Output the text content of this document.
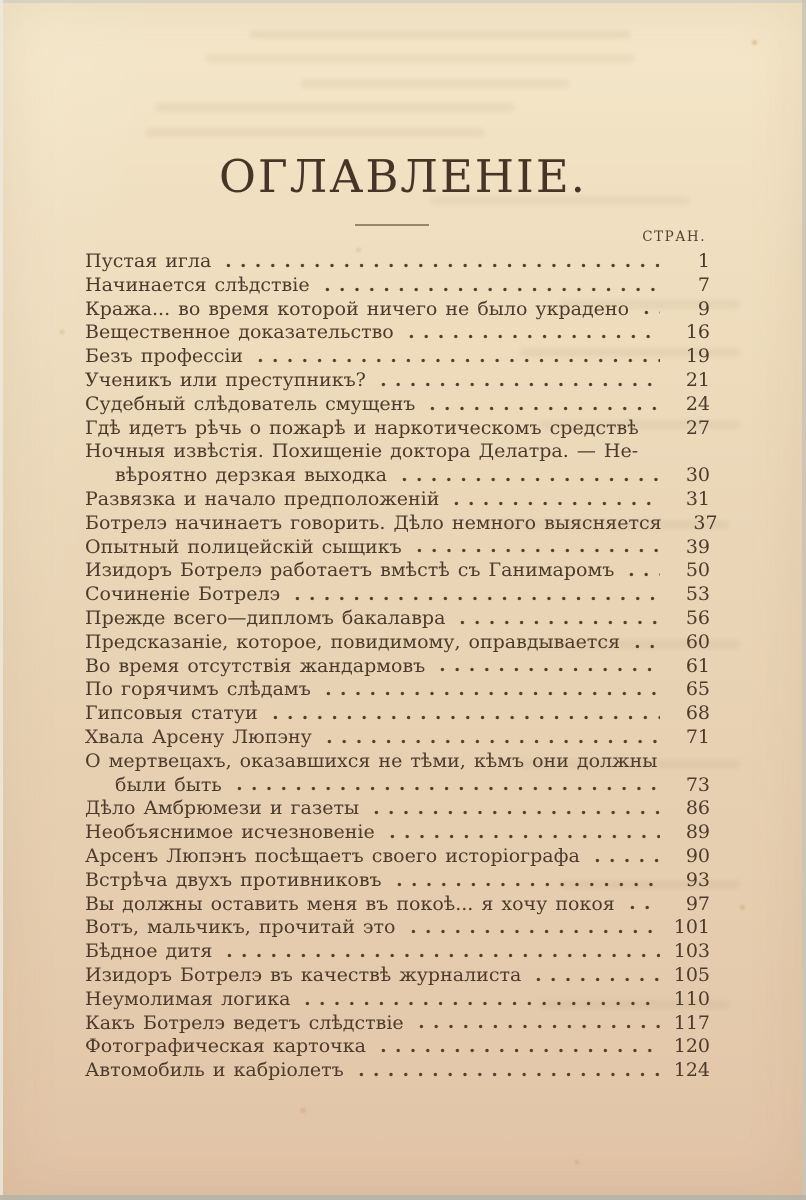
ОГЛАВЛЕНІЕ.
СТРАН.
Пустая игла	1
Начинается слѣдствіе	7
Кража... во время которой ничего не было украдено	9
Вещественное доказательство	16
Безъ профессіи	19
Ученикъ или преступникъ?	21
Судебный слѣдователь смущенъ	24
Гдѣ идетъ рѣчь о пожарѣ и наркотическомъ средствѣ	27
Ночныя извѣстія. Похищеніе доктора Делатра. — Не-
вѣроятно дерзкая выходка	30
Развязка и начало предположеній	31
Ботрелэ начинаетъ говорить. Дѣло немного выясняется	37
Опытный полицейскій сыщикъ	39
Изидоръ Ботрелэ работаетъ вмѣстѣ съ Ганимаромъ	50
Сочиненіе Ботрелэ	53
Прежде всего—дипломъ бакалавра	56
Предсказаніе, которое, повидимому, оправдывается	60
Во время отсутствія жандармовъ	61
По горячимъ слѣдамъ	65
Гипсовыя статуи	68
Хвала Арсену Люпэну	71
О мертвецахъ, оказавшихся не тѣми, кѣмъ они должны
были быть	73
Дѣло Амбрюмези и газеты	86
Необъяснимое исчезновеніе	89
Арсенъ Люпэнъ посѣщаетъ своего исторіографа	90
Встрѣча двухъ противниковъ	93
Вы должны оставить меня въ покоѣ... я хочу покоя	97
Вотъ, мальчикъ, прочитай это	101
Бѣдное дитя	103
Изидоръ Ботрелэ въ качествѣ журналиста	105
Неумолимая логика	110
Какъ Ботрелэ ведетъ слѣдствіе	117
Фотографическая карточка	120
Автомобиль и кабріолетъ	124
